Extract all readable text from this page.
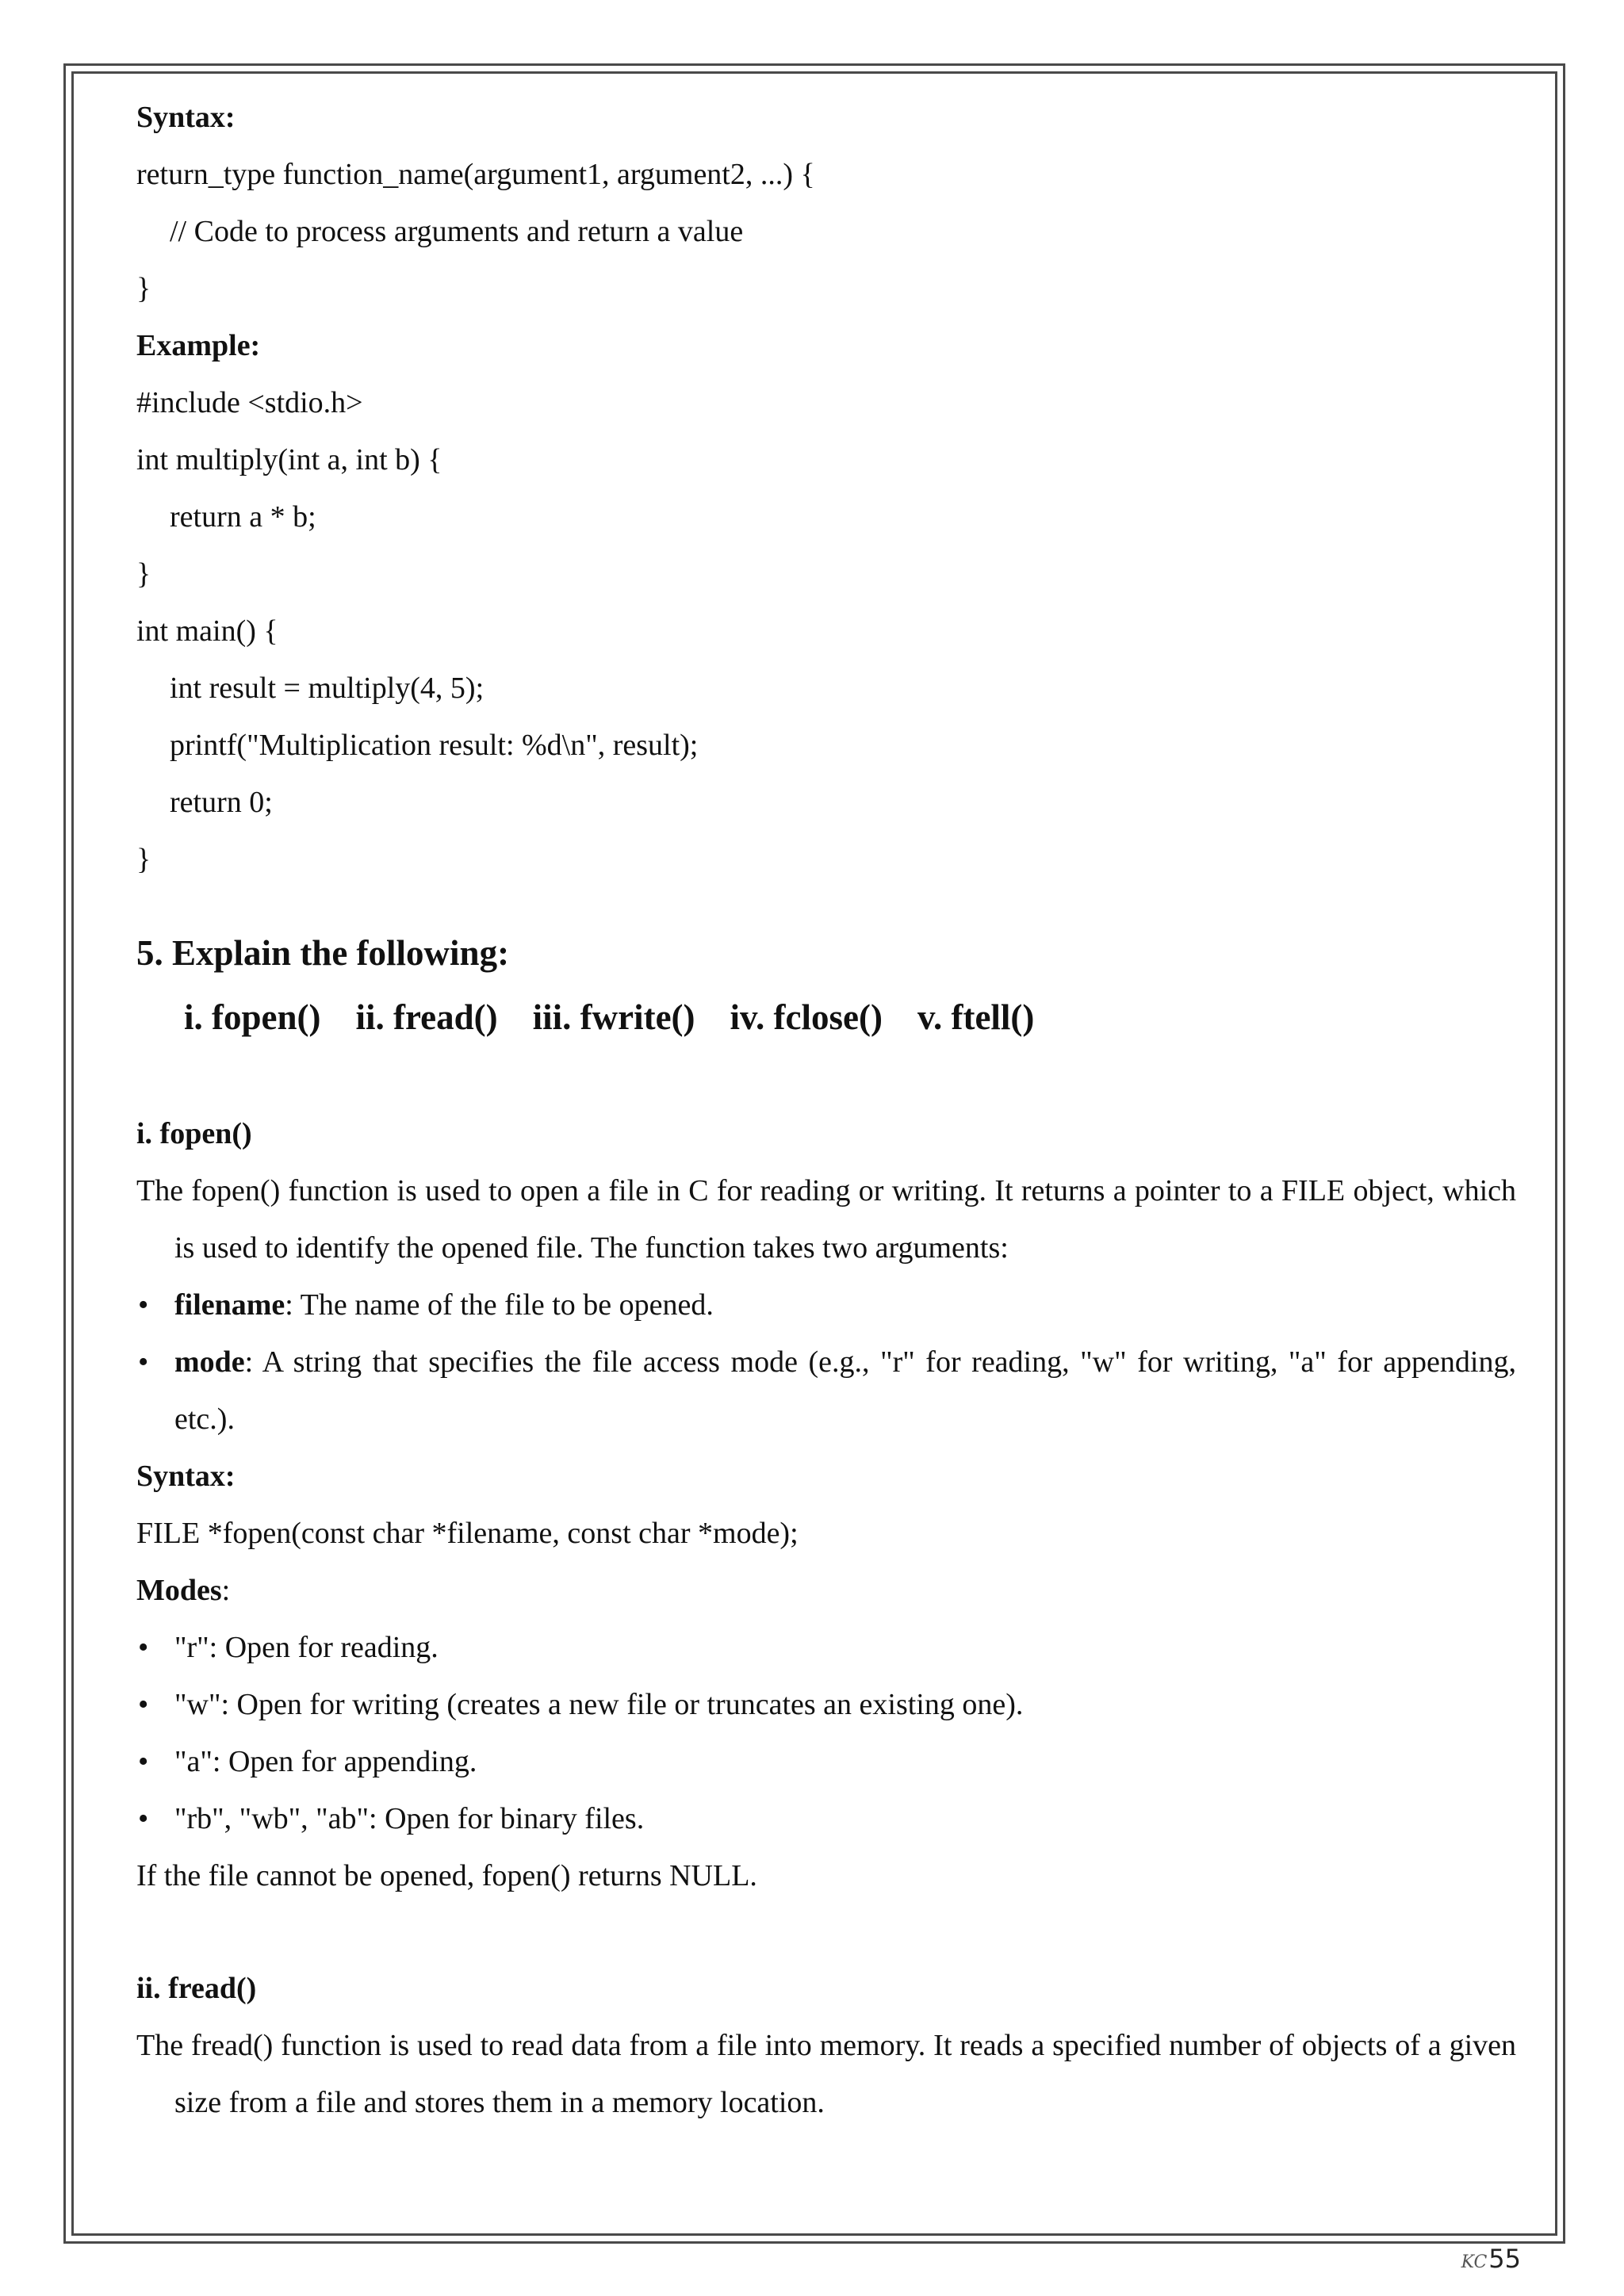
Syntax:

return_type function_name(argument1, argument2, ...) {

// Code to process arguments and return a value

}

Example:

#include <stdio.h>

int multiply(int a, int b) {

return a * b;

}

int main() {

int result = multiply(4, 5);

printf("Multiplication result: %d\n", result);

return 0;

}

5. Explain the following:
i. fopen() ii. fread() iii. fwrite() iv. fclose() v. ftell()

i. fopen()

The fopen() function is used to open a file in C for reading or writing. It returns a pointer to a FILE object, which is used to identify the opened file. The function takes two arguments:

• filename: The name of the file to be opened.
• mode: A string that specifies the file access mode (e.g., "r" for reading, "w" for writing, "a" for appending, etc.).

Syntax:

FILE *fopen(const char *filename, const char *mode);

Modes:

• "r": Open for reading.
• "w": Open for writing (creates a new file or truncates an existing one).
• "a": Open for appending.
• "rb", "wb", "ab": Open for binary files.

If the file cannot be opened, fopen() returns NULL.

ii. fread()

The fread() function is used to read data from a file into memory. It reads a specified number of objects of a given size from a file and stores them in a memory location.

KC55
